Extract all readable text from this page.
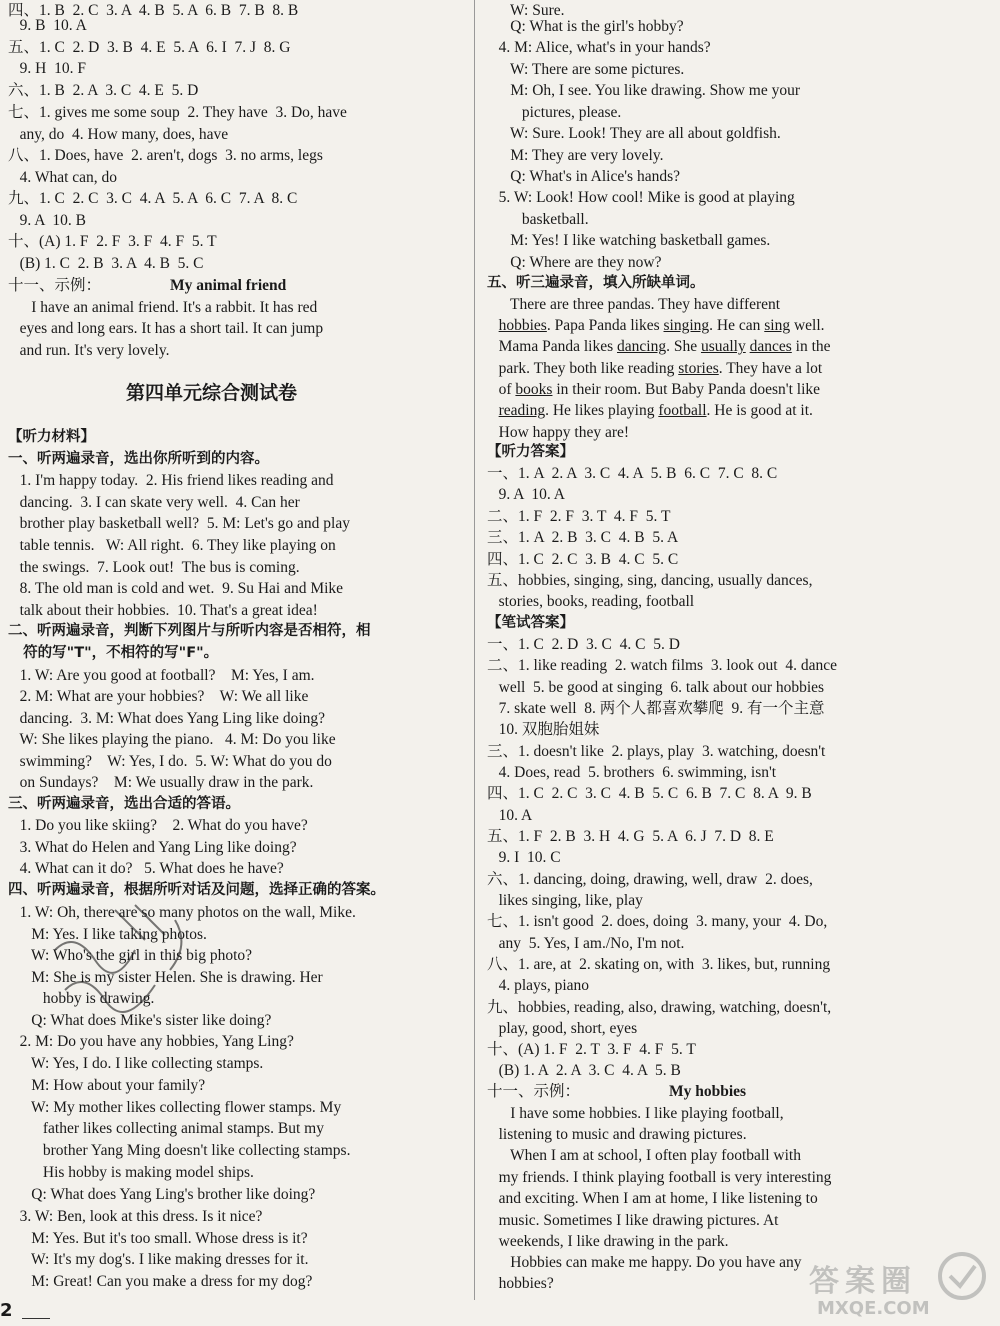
四、1. B  2. C  3. A  4. B  5. A  6. B  7. B  8. B
9. B  10. A
五、1. C  2. D  3. B  4. E  5. A  6. I  7. J  8. G
9. H  10. F
六、1. B  2. A  3. C  4. E  5. D
七、1. gives me some soup  2. They have  3. Do, have
any, do  4. How many, does, have
八、1. Does, have  2. aren't, dogs  3. no arms, legs
4. What can, do
九、1. C  2. C  3. C  4. A  5. A  6. C  7. A  8. C
9. A  10. B
十、(A) 1. F  2. F  3. F  4. F  5. T
(B) 1. C  2. B  3. A  4. B  5. C
十一、示例：
I have an animal friend. It's a rabbit. It has red
eyes and long ears. It has a short tail. It can jump
and run. It's very lovely.
【听力材料】
一、听两遍录音，选出你所听到的内容。
1. I'm happy today.  2. His friend likes reading and
dancing.  3. I can skate very well.  4. Can her
brother play basketball well?  5. M: Let's go and play
table tennis.   W: All right.  6. They like playing on
the swings.  7. Look out!  The bus is coming.
8. The old man is cold and wet.  9. Su Hai and Mike
talk about their hobbies.  10. That's a great idea!
二、听两遍录音，判断下列图片与所听内容是否相符，相
符的写"T"，不相符的写"F"。
1. W: Are you good at football?    M: Yes, I am.
2. M: What are your hobbies?    W: We all like
dancing.  3. M: What does Yang Ling like doing?
W: She likes playing the piano.   4. M: Do you like
swimming?    W: Yes, I do.  5. W: What do you do
on Sundays?    M: We usually draw in the park.
三、听两遍录音，选出合适的答语。
1. Do you like skiing?    2. What do you have?
3. What do Helen and Yang Ling like doing?
4. What can it do?   5. What does he have?
四、听两遍录音，根据所听对话及问题，选择正确的答案。
1. W: Oh, there are so many photos on the wall, Mike.
M: Yes. I like taking photos.
W: Who's the girl in this big photo?
M: She is my sister Helen. She is drawing. Her
hobby is drawing.
Q: What does Mike's sister like doing?
2. M: Do you have any hobbies, Yang Ling?
W: Yes, I do. I like collecting stamps.
M: How about your family?
W: My mother likes collecting flower stamps. My
father likes collecting animal stamps. But my
brother Yang Ming doesn't like collecting stamps.
His hobby is making model ships.
Q: What does Yang Ling's brother like doing?
3. W: Ben, look at this dress. Is it nice?
M: Yes. But it's too small. Whose dress is it?
W: It's my dog's. I like making dresses for it.
M: Great! Can you make a dress for my dog?
My animal friend
第四单元综合测试卷
W: Sure.
Q: What is the girl's hobby?
4. M: Alice, what's in your hands?
W: There are some pictures.
M: Oh, I see. You like drawing. Show me your
pictures, please.
W: Sure. Look! They are all about goldfish.
M: They are very lovely.
Q: What's in Alice's hands?
5. W: Look! How cool! Mike is good at playing
basketball.
M: Yes! I like watching basketball games.
Q: Where are they now?
五、听三遍录音，填入所缺单词。
There are three pandas. They have different
【听力答案】
一、1. A  2. A  3. C  4. A  5. B  6. C  7. C  8. C
9. A  10. A
二、1. F  2. F  3. T  4. F  5. T
三、1. A  2. B  3. C  4. B  5. A
四、1. C  2. C  3. B  4. C  5. C
五、hobbies, singing, sing, dancing, usually dances,
stories, books, reading, football
【笔试答案】
一、1. C  2. D  3. C  4. C  5. D
二、1. like reading  2. watch films  3. look out  4. dance
well  5. be good at singing  6. talk about our hobbies
7. skate well  8. 两个人都喜欢攀爬  9. 有一个主意
10. 双胞胎姐妹
三、1. doesn't like  2. plays, play  3. watching, doesn't
4. Does, read  5. brothers  6. swimming, isn't
四、1. C  2. C  3. C  4. B  5. C  6. B  7. C  8. A  9. B
10. A
五、1. F  2. B  3. H  4. G  5. A  6. J  7. D  8. E
9. I  10. C
六、1. dancing, doing, drawing, well, draw  2. does,
likes singing, like, play
七、1. isn't good  2. does, doing  3. many, your  4. Do,
any  5. Yes, I am./No, I'm not.
八、1. are, at  2. skating on, with  3. likes, but, running
4. plays, piano
九、hobbies, reading, also, drawing, watching, doesn't,
play, good, short, eyes
十、(A) 1. F  2. T  3. F  4. F  5. T
(B) 1. A  2. A  3. C  4. A  5. B
十一、示例：
I have some hobbies. I like playing football,
listening to music and drawing pictures.
When I am at school, I often play football with
my friends. I think playing football is very interesting
and exciting. When I am at home, I like listening to
music. Sometimes I like drawing pictures. At
weekends, I like drawing in the park.
Hobbies can make me happy. Do you have any
hobbies?
hobbies. Papa Panda likes singing. He can sing well.
Mama Panda likes dancing. She usually dances in the
park. They both like reading stories. They have a lot
of books in their room. But Baby Panda doesn't like
reading. He likes playing football. He is good at it.
How happy they are!
My hobbies
2
答案圈
MXQE.COM
